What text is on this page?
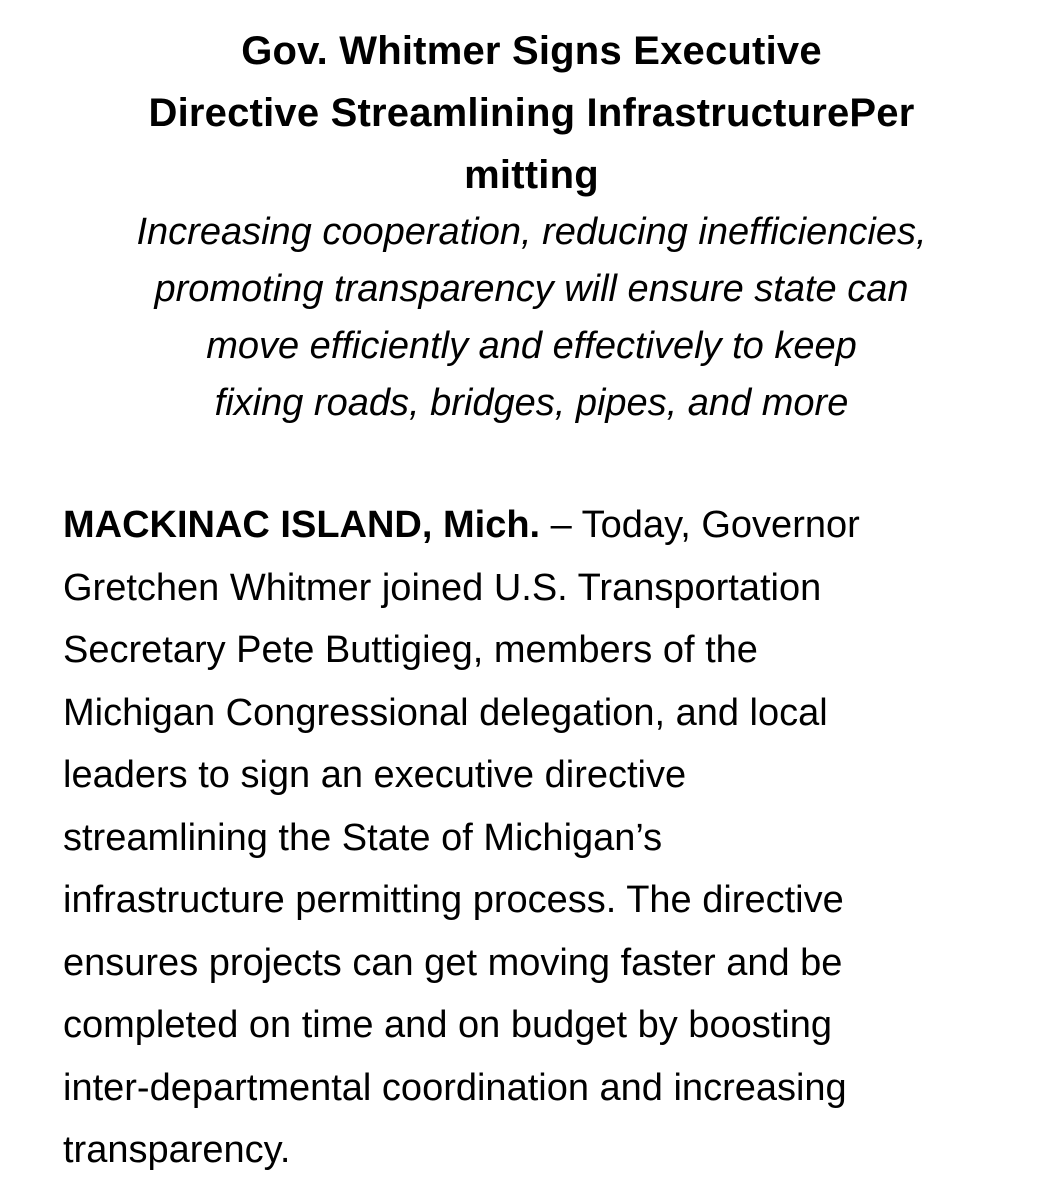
Gov. Whitmer Signs Executive
Directive Streamlining InfrastructurePer
mitting

Increasing cooperation, reducing inefficiencies,
promoting transparency will ensure state can
move efficiently and effectively to keep
fixing roads, bridges, pipes, and more

MACKINAC ISLAND, Mich. – Today, Governor
Gretchen Whitmer joined U.S. Transportation
Secretary Pete Buttigieg, members of the
Michigan Congressional delegation, and local
leaders to sign an executive directive
streamlining the State of Michigan’s
infrastructure permitting process. The directive
ensures projects can get moving faster and be
completed on time and on budget by boosting
inter-departmental coordination and increasing
transparency.
